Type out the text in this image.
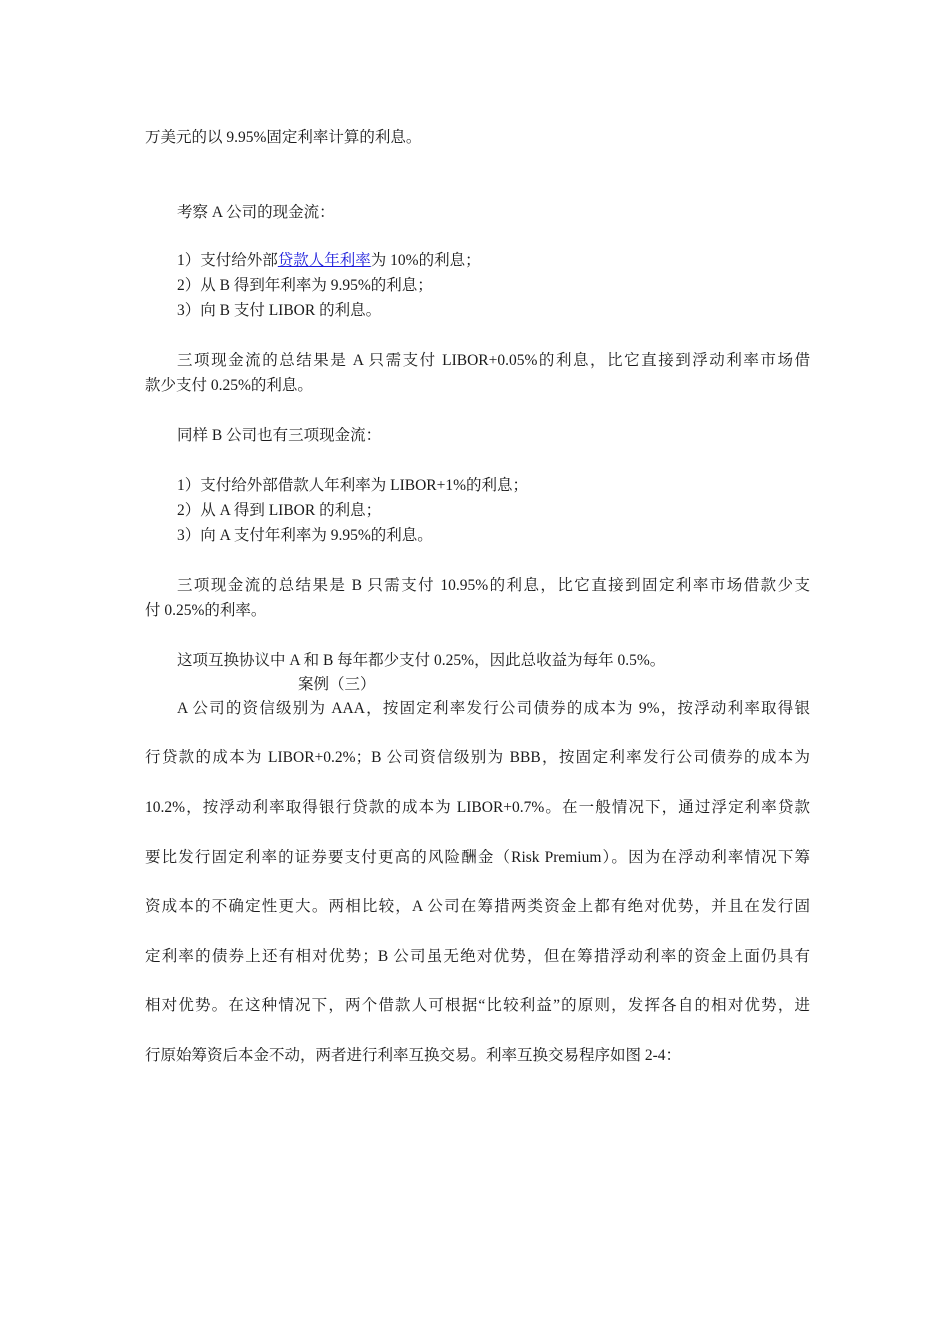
万美元的以 9.95%固定利率计算的利息。
考察 A 公司的现金流：
1）支付给外部贷款人年利率为 10%的利息；
2）从 B 得到年利率为 9.95%的利息；
3）向 B 支付 LIBOR 的利息。
三项现金流的总结果是 A 只需支付 LIBOR+0.05%的利息，比它直接到浮动利率市场借
款少支付 0.25%的利息。
同样 B 公司也有三项现金流：
1）支付给外部借款人年利率为 LIBOR+1%的利息；
2）从 A 得到 LIBOR 的利息；
3）向 A 支付年利率为 9.95%的利息。
三项现金流的总结果是 B 只需支付 10.95%的利息，比它直接到固定利率市场借款少支
付 0.25%的利率。
这项互换协议中 A 和 B 每年都少支付 0.25%，因此总收益为每年 0.5%。
案例（三）
A 公司的资信级别为 AAA，按固定利率发行公司债券的成本为 9%，按浮动利率取得银
行贷款的成本为 LIBOR+0.2%；B 公司资信级别为 BBB，按固定利率发行公司债券的成本为
10.2%，按浮动利率取得银行贷款的成本为 LIBOR+0.7%。在一般情况下，通过浮定利率贷款
要比发行固定利率的证券要支付更高的风险酬金（Risk Premium）。因为在浮动利率情况下筹
资成本的不确定性更大。两相比较，A 公司在筹措两类资金上都有绝对优势，并且在发行固
定利率的债券上还有相对优势；B 公司虽无绝对优势，但在筹措浮动利率的资金上面仍具有
相对优势。在这种情况下，两个借款人可根据“比较利益”的原则，发挥各自的相对优势，进
行原始筹资后本金不动，两者进行利率互换交易。利率互换交易程序如图 2-4：
